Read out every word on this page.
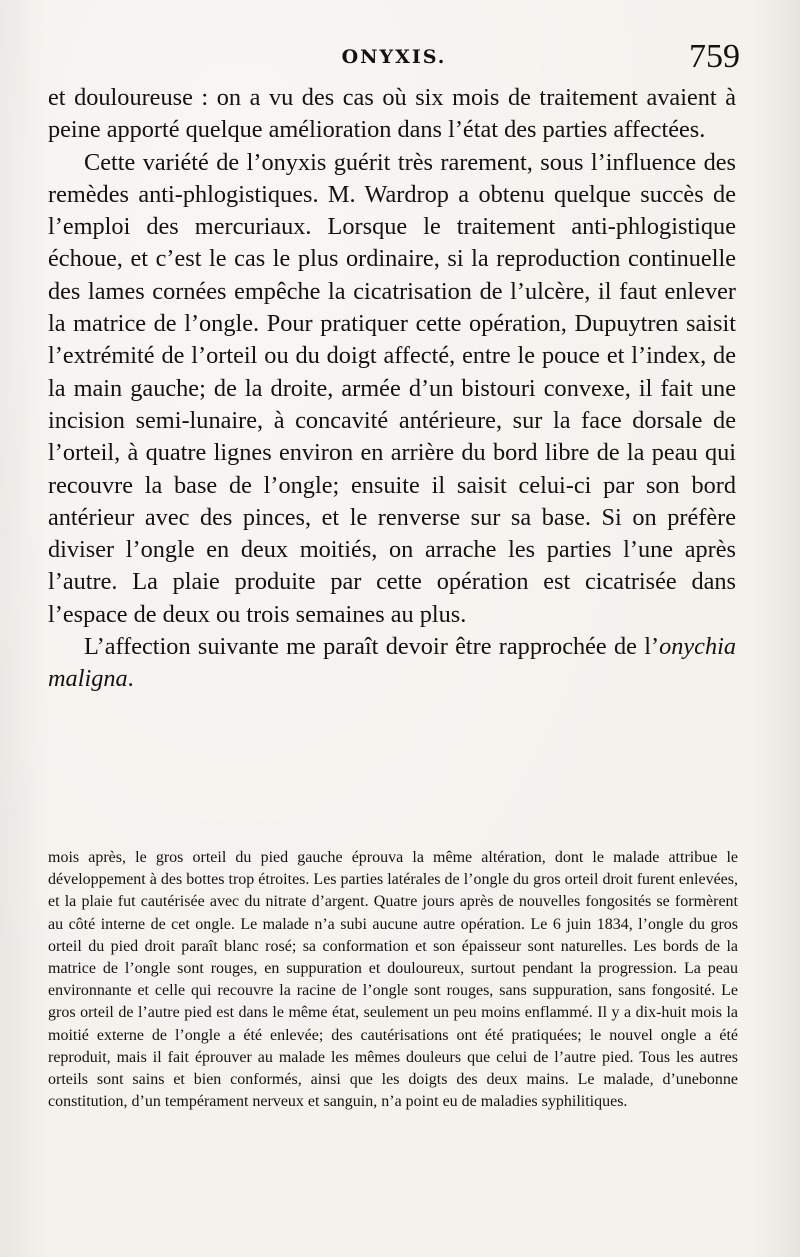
ONYXIS.	759

et douloureuse : on a vu des cas où six mois de traitement avaient à peine apporté quelque amélioration dans l’état des parties affectées.

Cette variété de l’onyxis guérit très rarement, sous l’influence des remèdes anti-phlogistiques. M. Wardrop a obtenu quelque succès de l’emploi des mercuriaux. Lorsque le traitement anti-phlogistique échoue, et c’est le cas le plus ordinaire, si la reproduction continuelle des lames cornées empêche la cicatrisation de l’ulcère, il faut enlever la matrice de l’ongle. Pour pratiquer cette opération, Dupuytren saisit l’extrémité de l’orteil ou du doigt affecté, entre le pouce et l’index, de la main gauche; de la droite, armée d’un bistouri convexe, il fait une incision semi-lunaire, à concavité antérieure, sur la face dorsale de l’orteil, à quatre lignes environ en arrière du bord libre de la peau qui recouvre la base de l’ongle; ensuite il saisit celui-ci par son bord antérieur avec des pinces, et le renverse sur sa base. Si on préfère diviser l’ongle en deux moitiés, on arrache les parties l’une après l’autre. La plaie produite par cette opération est cicatrisée dans l’espace de deux ou trois semaines au plus.

L’affection suivante me paraît devoir être rapprochée de l’onychia maligna.

mois après, le gros orteil du pied gauche éprouva la même altération, dont le malade attribue le développement à des bottes trop étroites. Les parties latérales de l’ongle du gros orteil droit furent enlevées, et la plaie fut cautérisée avec du nitrate d’argent. Quatre jours après de nouvelles fongosités se formèrent au côté interne de cet ongle. Le malade n’a subi aucune autre opération. Le 6 juin 1834, l’ongle du gros orteil du pied droit paraît blanc rosé; sa conformation et son épaisseur sont naturelles. Les bords de la matrice de l’ongle sont rouges, en suppuration et douloureux, surtout pendant la progression. La peau environnante et celle qui recouvre la racine de l’ongle sont rouges, sans suppuration, sans fongosité. Le gros orteil de l’autre pied est dans le même état, seulement un peu moins enflammé. Il y a dix-huit mois la moitié externe de l’ongle a été enlevée; des cautérisations ont été pratiquées; le nouvel ongle a été reproduit, mais il fait éprouver au malade les mêmes douleurs que celui de l’autre pied. Tous les autres orteils sont sains et bien conformés, ainsi que les doigts des deux mains. Le malade, d’unebonne constitution, d’un tempérament nerveux et sanguin, n’a point eu de maladies syphilitiques.
